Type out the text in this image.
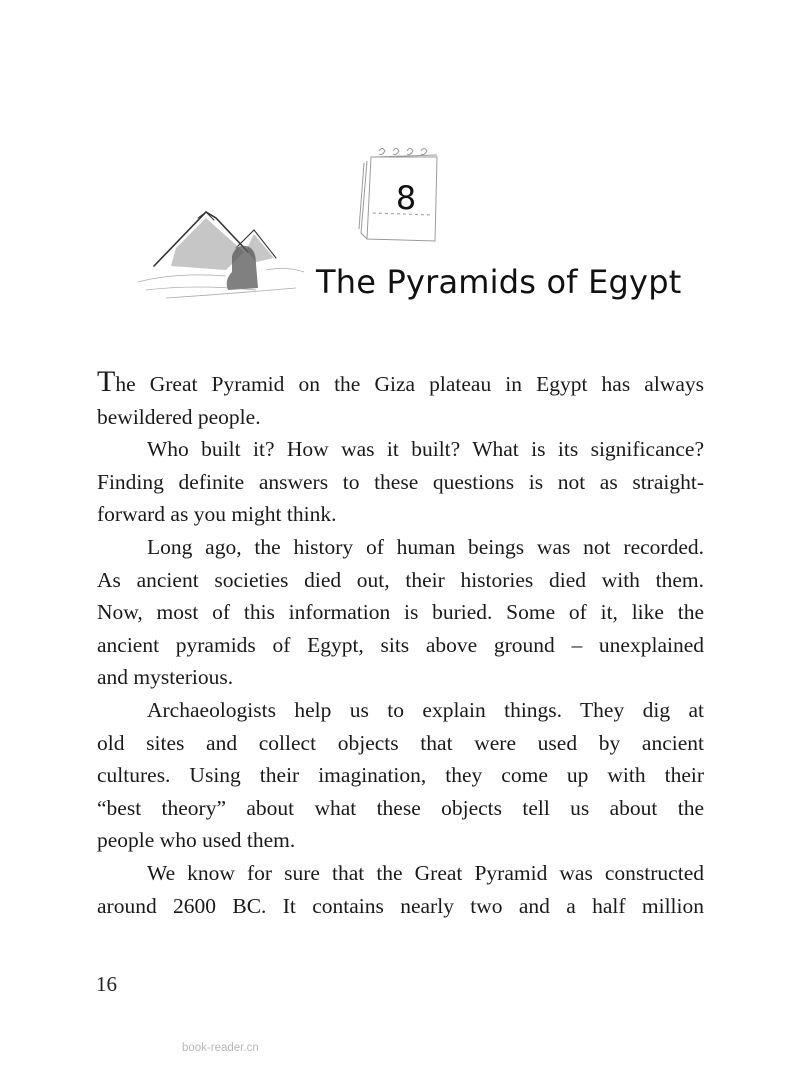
8
The Pyramids of Egypt
The Great Pyramid on the Giza plateau in Egypt has always
bewildered people.
Who built it? How was it built? What is its significance?
Finding definite answers to these questions is not as straight-
forward as you might think.
Long ago, the history of human beings was not recorded.
As ancient societies died out, their histories died with them.
Now, most of this information is buried. Some of it, like the
ancient pyramids of Egypt, sits above ground – unexplained
and mysterious.
Archaeologists help us to explain things. They dig at
old sites and collect objects that were used by ancient
cultures. Using their imagination, they come up with their
“best theory” about what these objects tell us about the
people who used them.
We know for sure that the Great Pyramid was constructed
around 2600 BC. It contains nearly two and a half million
16
book-reader.cn
